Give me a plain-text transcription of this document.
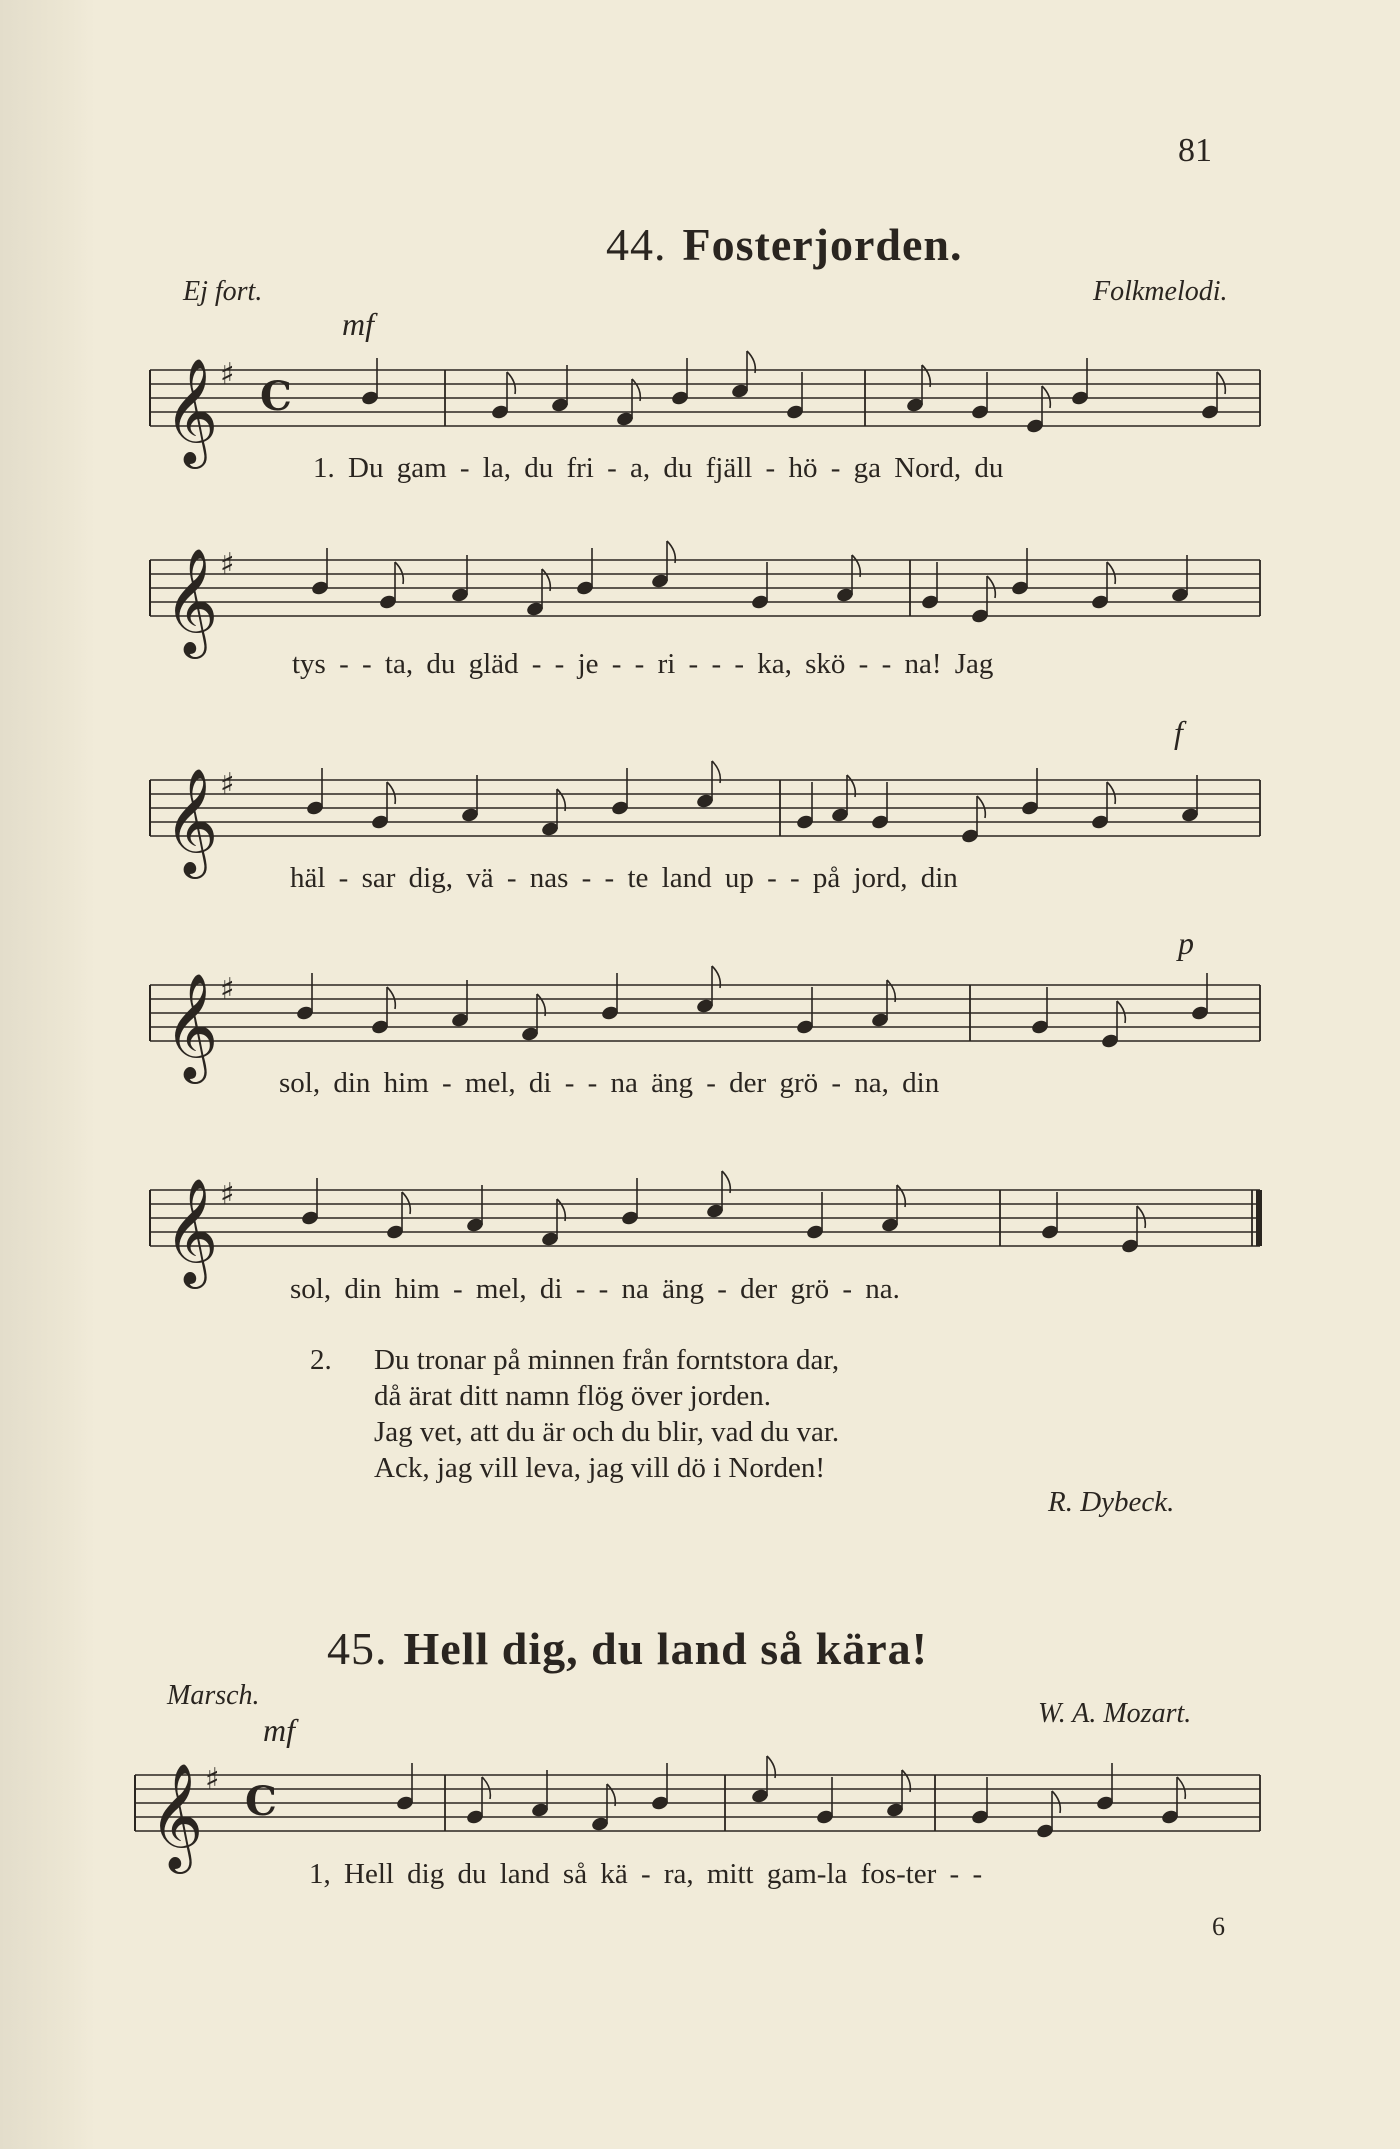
81
44. Fosterjorden.
Ej fort.	Folkmelodi.
mf
f
p
𝄞 ♯ C
1. Du gam - la, du fri - a, du fjäll - hö - ga Nord, du
𝄞 ♯
tys - - ta, du gläd - - je - - ri - - - ka, skö - - na! Jag
𝄞 ♯
häl - sar dig, vä - nas - - te land up - - på jord, din
𝄞 ♯
sol, din him - mel, di - - na äng - der grö - na, din
𝄞 ♯
sol, din him - mel, di - - na äng - der grö - na.
2. Du tronar på minnen från forntstora dar,
då ärat ditt namn flög över jorden.
Jag vet, att du är och du blir, vad du var.
Ack, jag vill leva, jag vill dö i Norden!
R. Dybeck.
45. Hell dig, du land så kära!
Marsch.
W. A. Mozart.
mf
𝄞 ♯ C
1, Hell dig du land så kä - ra, mitt gam-la fos-ter - -
6
